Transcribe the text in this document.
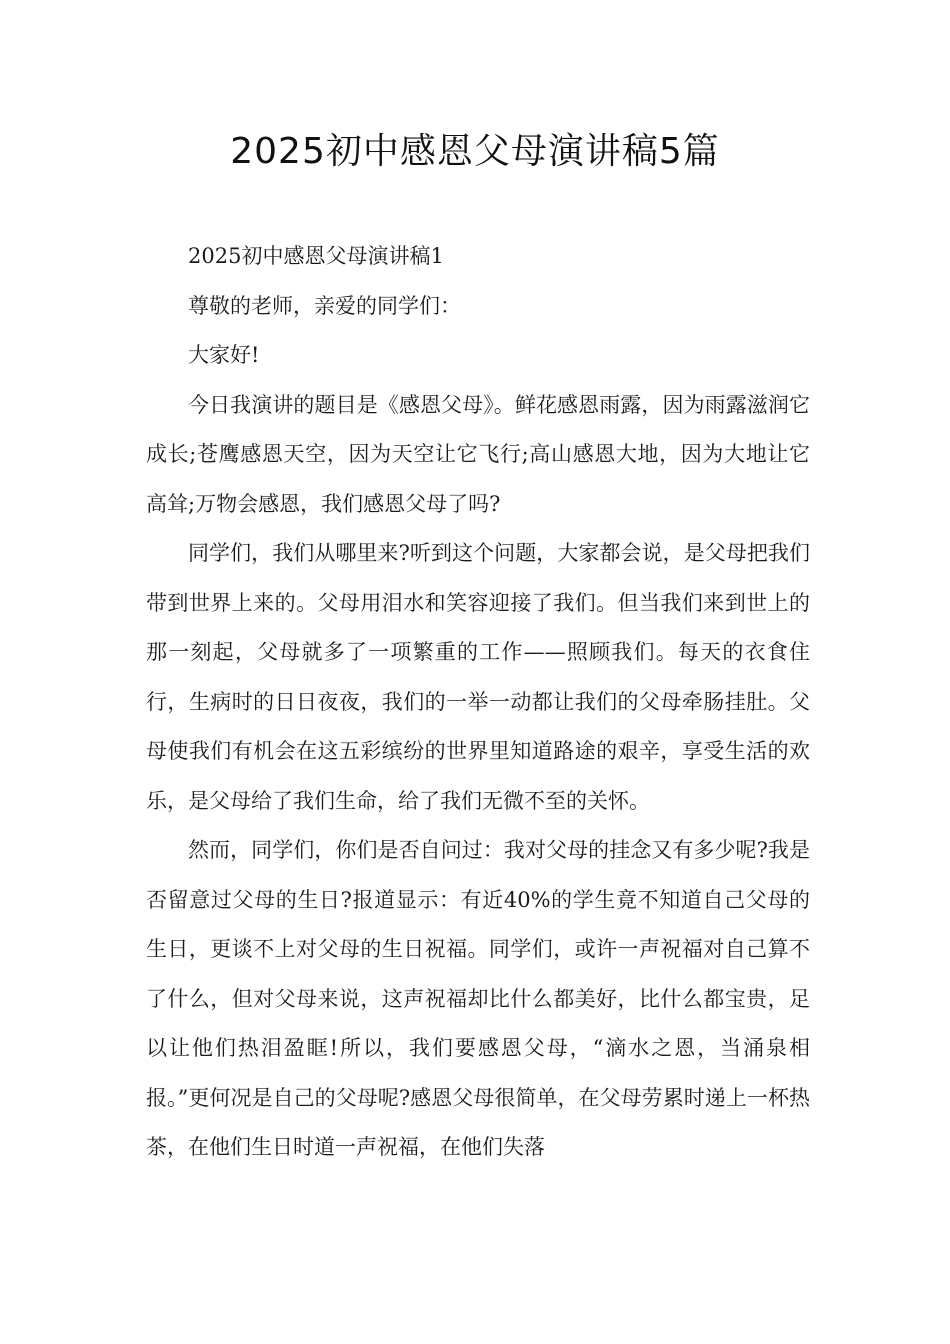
2025初中感恩父母演讲稿5篇

2025初中感恩父母演讲稿1

尊敬的老师，亲爱的同学们：

大家好!

今日我演讲的题目是《感恩父母》。鲜花感恩雨露，因为雨露滋润它成长;苍鹰感恩天空，因为天空让它飞行;高山感恩大地，因为大地让它高耸;万物会感恩，我们感恩父母了吗?

同学们，我们从哪里来?听到这个问题，大家都会说，是父母把我们带到世界上来的。父母用泪水和笑容迎接了我们。但当我们来到世上的那一刻起，父母就多了一项繁重的工作——照顾我们。每天的衣食住行，生病时的日日夜夜，我们的一举一动都让我们的父母牵肠挂肚。父母使我们有机会在这五彩缤纷的世界里知道路途的艰辛，享受生活的欢乐，是父母给了我们生命，给了我们无微不至的关怀。

然而，同学们，你们是否自问过：我对父母的挂念又有多少呢?我是否留意过父母的生日?报道显示：有近40%的学生竟不知道自己父母的生日，更谈不上对父母的生日祝福。同学们，或许一声祝福对自己算不了什么，但对父母来说，这声祝福却比什么都美好，比什么都宝贵，足以让他们热泪盈眶!所以，我们要感恩父母，“滴水之恩，当涌泉相报。”更何况是自己的父母呢?感恩父母很简单，在父母劳累时递上一杯热茶，在他们生日时道一声祝福，在他们失落
